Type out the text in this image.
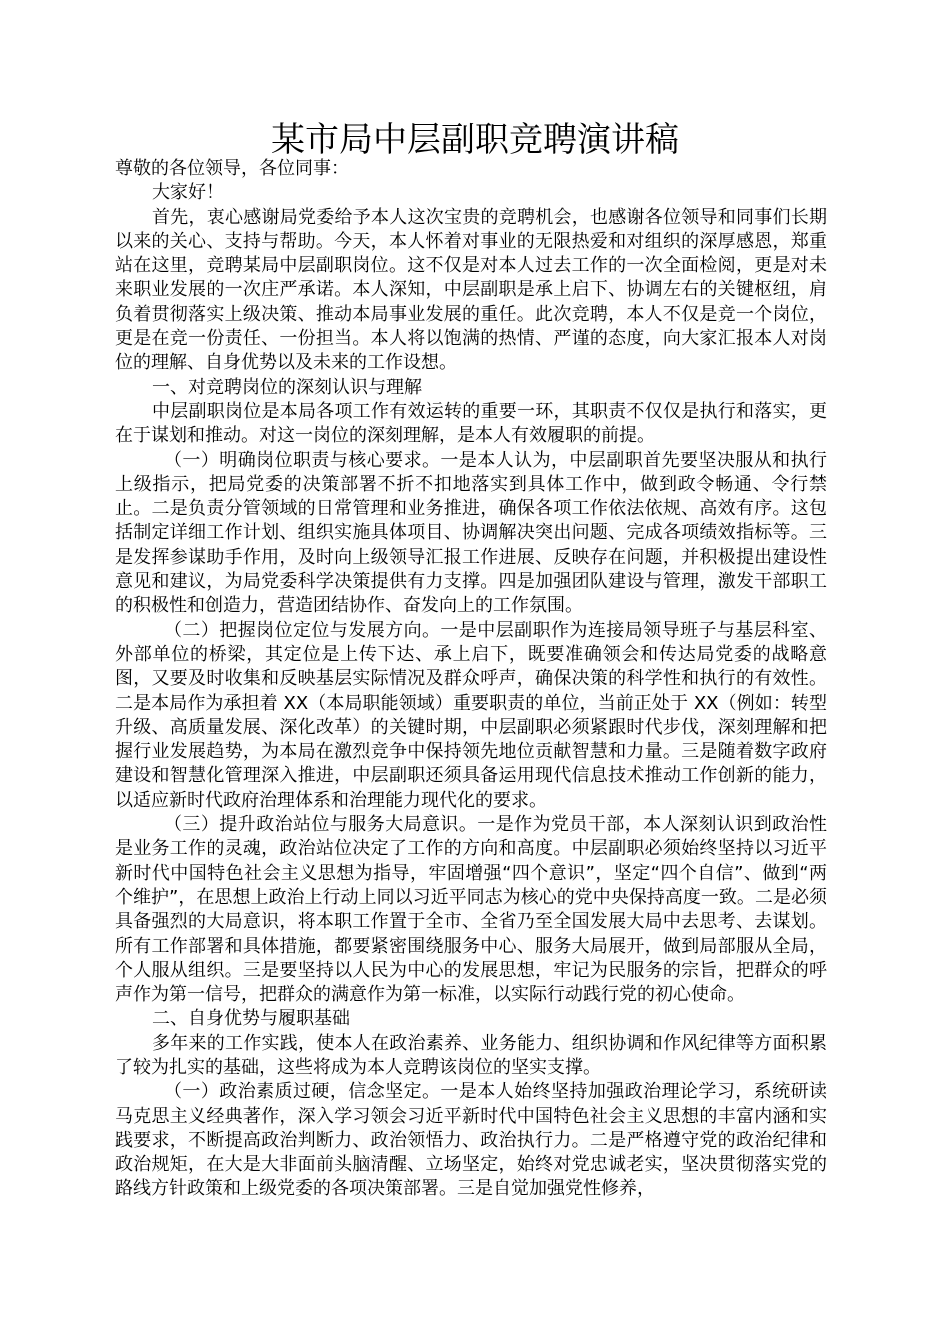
某市局中层副职竞聘演讲稿

尊敬的各位领导，各位同事：

大家好！

首先，衷心感谢局党委给予本人这次宝贵的竞聘机会，也感谢各位领导和同事们长期以来的关心、支持与帮助。今天，本人怀着对事业的无限热爱和对组织的深厚感恩，郑重站在这里，竞聘某局中层副职岗位。这不仅是对本人过去工作的一次全面检阅，更是对未来职业发展的一次庄严承诺。本人深知，中层副职是承上启下、协调左右的关键枢纽，肩负着贯彻落实上级决策、推动本局事业发展的重任。此次竞聘，本人不仅是竞一个岗位，更是在竞一份责任、一份担当。本人将以饱满的热情、严谨的态度，向大家汇报本人对岗位的理解、自身优势以及未来的工作设想。

一、对竞聘岗位的深刻认识与理解

中层副职岗位是本局各项工作有效运转的重要一环，其职责不仅仅是执行和落实，更在于谋划和推动。对这一岗位的深刻理解，是本人有效履职的前提。

（一）明确岗位职责与核心要求。一是本人认为，中层副职首先要坚决服从和执行上级指示，把局党委的决策部署不折不扣地落实到具体工作中，做到政令畅通、令行禁止。二是负责分管领域的日常管理和业务推进，确保各项工作依法依规、高效有序。这包括制定详细工作计划、组织实施具体项目、协调解决突出问题、完成各项绩效指标等。三是发挥参谋助手作用，及时向上级领导汇报工作进展、反映存在问题，并积极提出建设性意见和建议，为局党委科学决策提供有力支撑。四是加强团队建设与管理，激发干部职工的积极性和创造力，营造团结协作、奋发向上的工作氛围。

（二）把握岗位定位与发展方向。一是中层副职作为连接局领导班子与基层科室、外部单位的桥梁，其定位是上传下达、承上启下，既要准确领会和传达局党委的战略意图，又要及时收集和反映基层实际情况及群众呼声，确保决策的科学性和执行的有效性。二是本局作为承担着 XX（本局职能领域）重要职责的单位，当前正处于 XX（例如：转型升级、高质量发展、深化改革）的关键时期，中层副职必须紧跟时代步伐，深刻理解和把握行业发展趋势，为本局在激烈竞争中保持领先地位贡献智慧和力量。三是随着数字政府建设和智慧化管理深入推进，中层副职还须具备运用现代信息技术推动工作创新的能力，以适应新时代政府治理体系和治理能力现代化的要求。

（三）提升政治站位与服务大局意识。一是作为党员干部，本人深刻认识到政治性是业务工作的灵魂，政治站位决定了工作的方向和高度。中层副职必须始终坚持以习近平新时代中国特色社会主义思想为指导，牢固增强“四个意识”，坚定“四个自信”、做到“两个维护”，在思想上政治上行动上同以习近平同志为核心的党中央保持高度一致。二是必须具备强烈的大局意识，将本职工作置于全市、全省乃至全国发展大局中去思考、去谋划。所有工作部署和具体措施，都要紧密围绕服务中心、服务大局展开，做到局部服从全局，个人服从组织。三是要坚持以人民为中心的发展思想，牢记为民服务的宗旨，把群众的呼声作为第一信号，把群众的满意作为第一标准，以实际行动践行党的初心使命。

二、自身优势与履职基础

多年来的工作实践，使本人在政治素养、业务能力、组织协调和作风纪律等方面积累了较为扎实的基础，这些将成为本人竞聘该岗位的坚实支撑。

（一）政治素质过硬，信念坚定。一是本人始终坚持加强政治理论学习，系统研读马克思主义经典著作，深入学习领会习近平新时代中国特色社会主义思想的丰富内涵和实践要求，不断提高政治判断力、政治领悟力、政治执行力。二是严格遵守党的政治纪律和政治规矩，在大是大非面前头脑清醒、立场坚定，始终对党忠诚老实，坚决贯彻落实党的路线方针政策和上级党委的各项决策部署。三是自觉加强党性修养，
